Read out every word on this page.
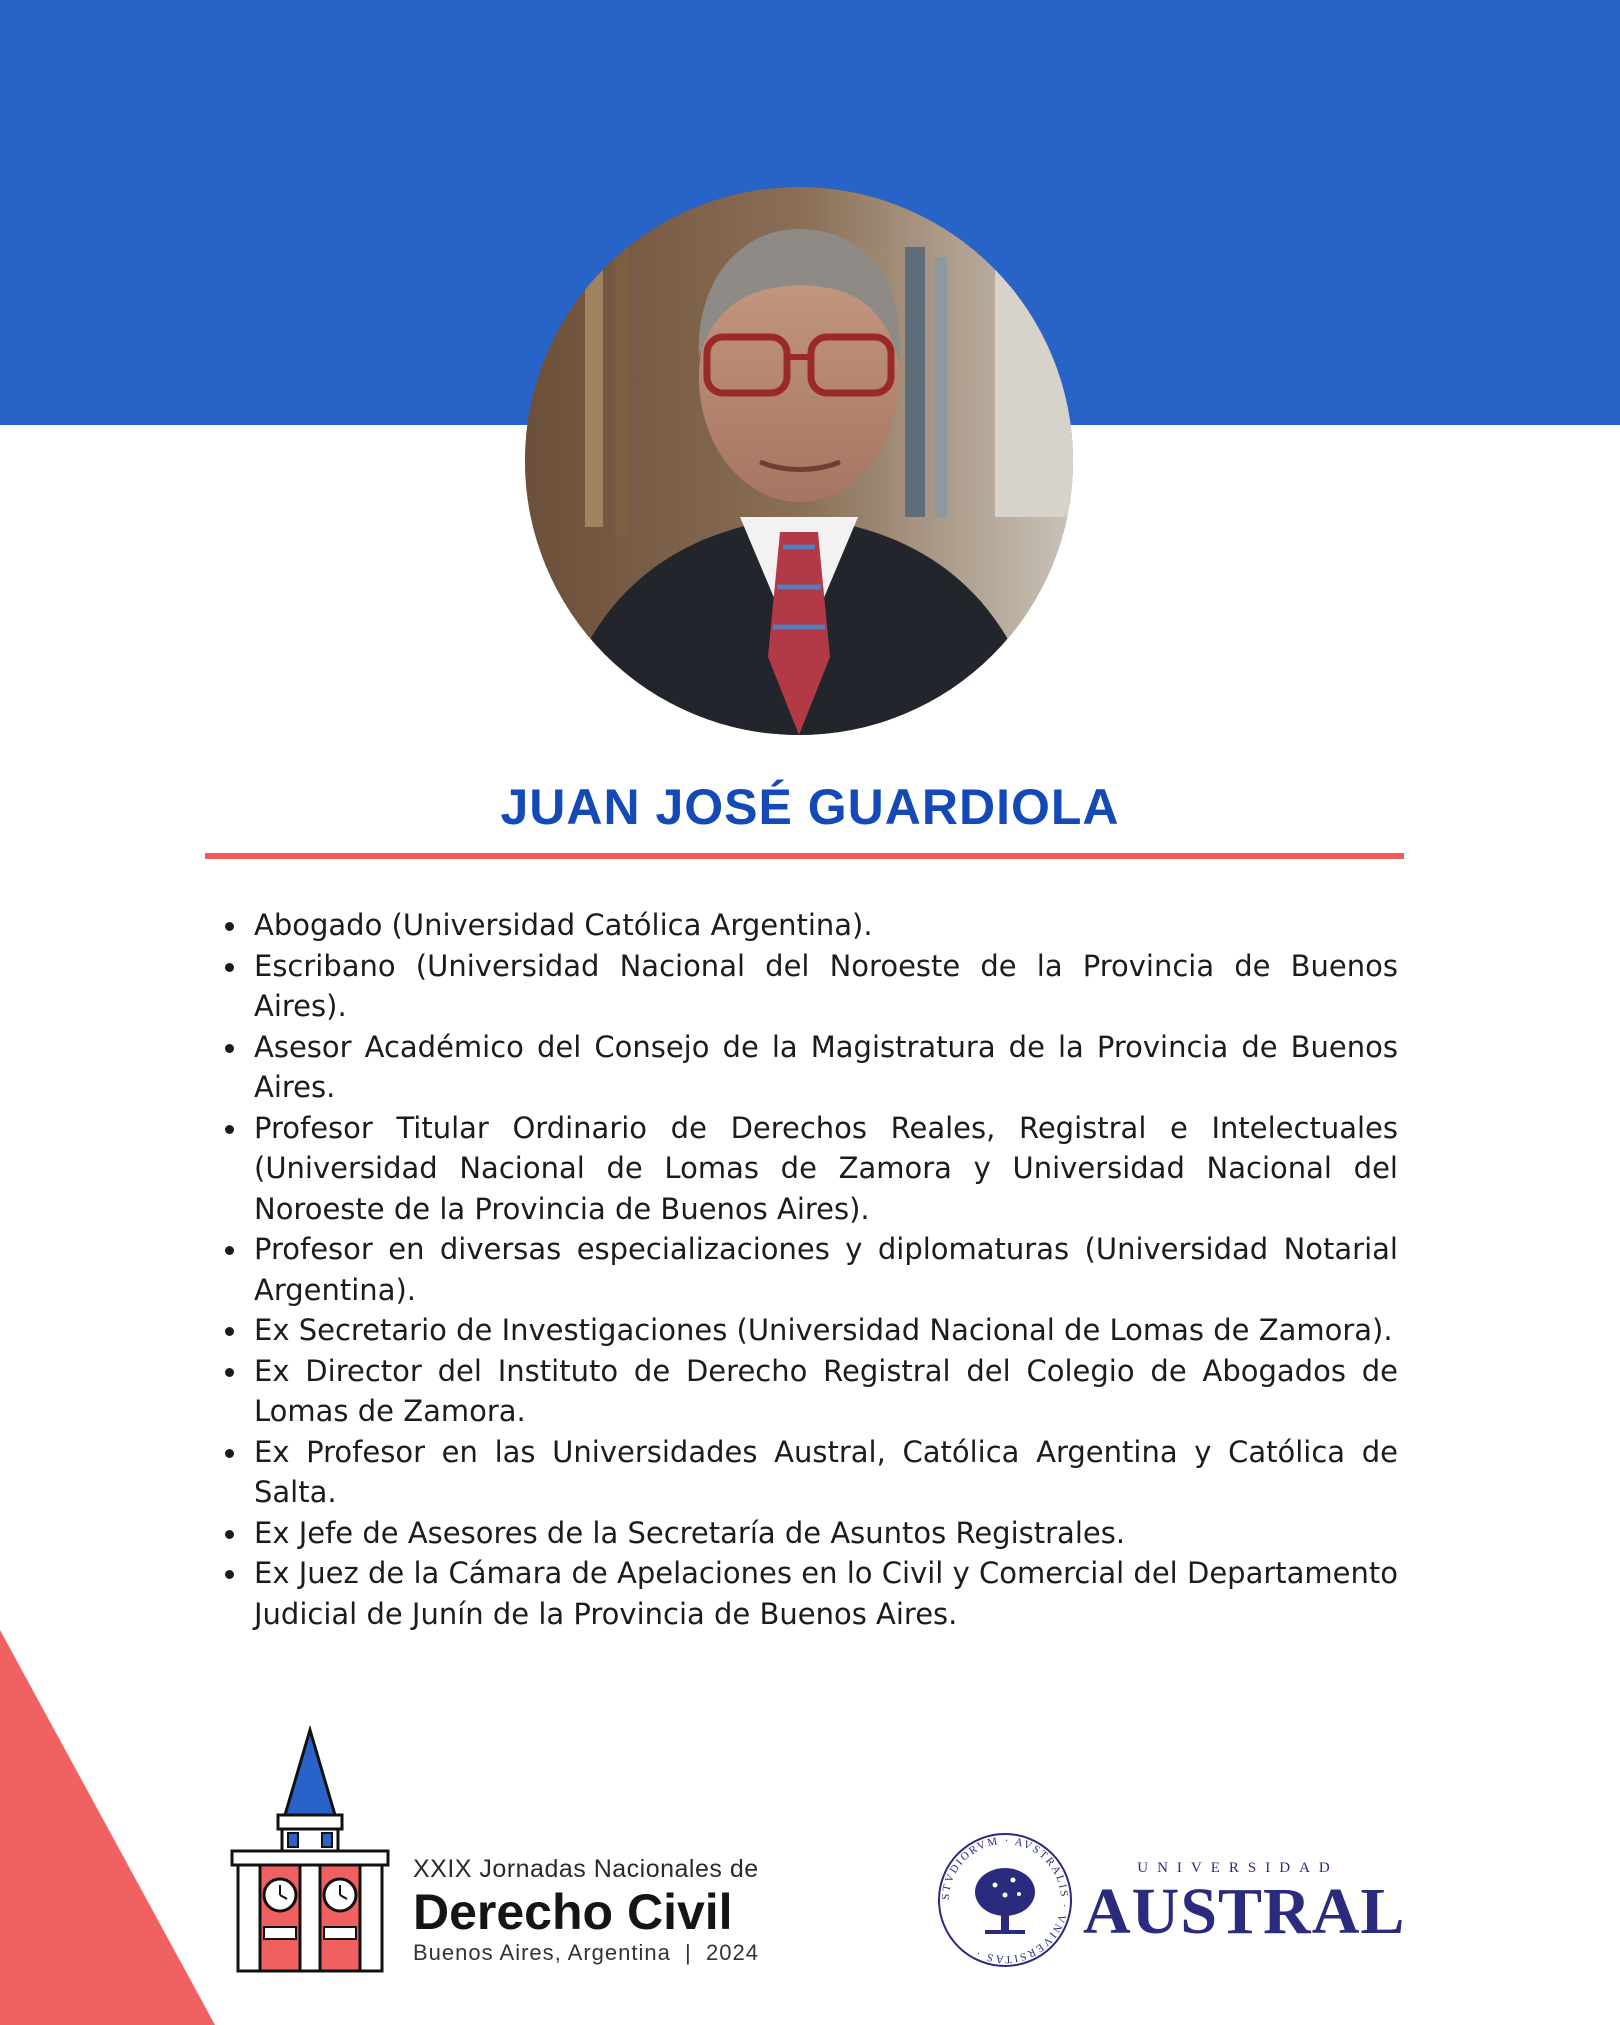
JUAN JOSÉ GUARDIOLA
Abogado (Universidad Católica Argentina).
Escribano (Universidad Nacional del Noroeste de la Provincia de Buenos Aires).
Asesor Académico del Consejo de la Magistratura de la Provincia de Buenos Aires.
Profesor Titular Ordinario de Derechos Reales, Registral e Intelectuales (Universidad Nacional de Lomas de Zamora y Universidad Nacional del Noroeste de la Provincia de Buenos Aires).
Profesor en diversas especializaciones y diplomaturas (Universidad Notarial Argentina).
Ex Secretario de Investigaciones (Universidad Nacional de Lomas de Zamora).
Ex Director del Instituto de Derecho Registral del Colegio de Abogados de Lomas de Zamora.
Ex Profesor en las Universidades Austral, Católica Argentina y Católica de Salta.
Ex Jefe de Asesores de la Secretaría de Asuntos Registrales.
Ex Juez de la Cámara de Apelaciones en lo Civil y Comercial del Departamento Judicial de Junín de la Provincia de Buenos Aires.
XXIX Jornadas Nacionales de
Derecho Civil
Buenos Aires, Argentina  |  2024
STVDIORVM · AVSTRALIS · VNIVERSITAS ·
UNIVERSIDAD
AUSTRAL
